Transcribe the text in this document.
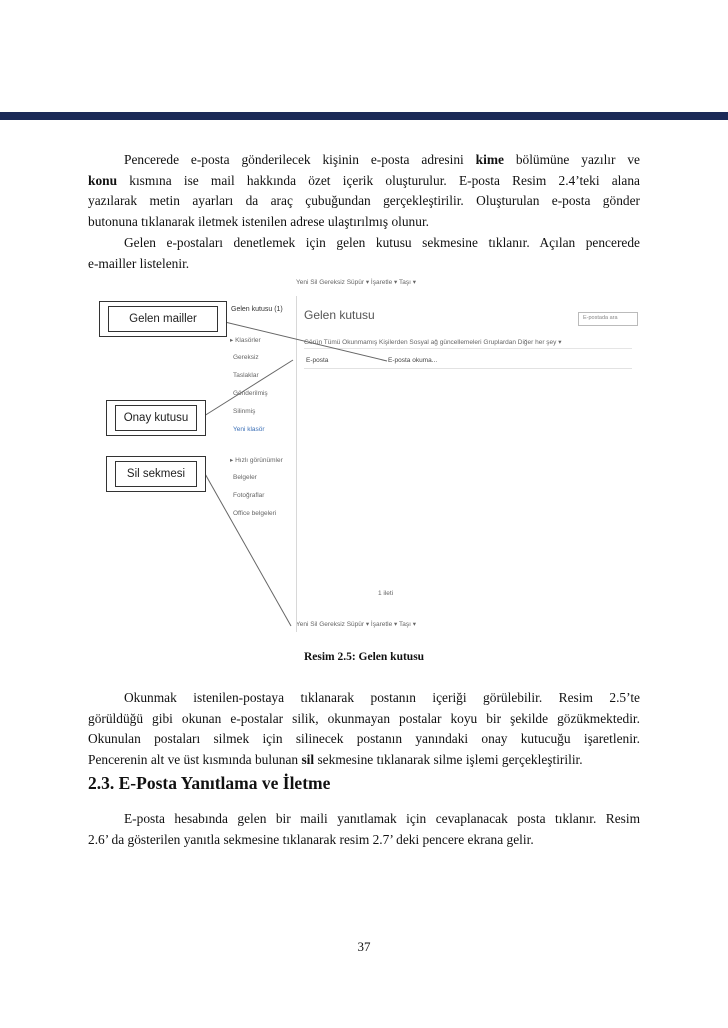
Pencerede e-posta gönderilecek kişinin e-posta adresini kime bölümüne yazılır ve
konu kısmına ise mail hakkında özet içerik oluşturulur. E-posta Resim 2.4’teki alana
yazılarak metin ayarları da araç çubuğundan gerçekleştirilir. Oluşturulan e-posta gönder
butonuna tıklanarak iletmek istenilen adrese ulaştırılmış olunur.

Gelen e-postaları denetlemek için gelen kutusu sekmesine tıklanır. Açılan pencerede
e-mailler listelenir.

Yeni Sil Gereksiz Süpür ▾ İşaretle ▾ Taşı ▾
Gelen kutusu	E-postada ara
Görün Tümü Okunmamış Kişilerden Sosyal ağ güncellemeleri Gruplardan Diğer her şey ▾
E-posta	E-posta okuma...
1 ileti
Yeni Sil Gereksiz Süpür ▾ İşaretle ▾ Taşı ▾
Gelen kutusu (1)
▸ Klasörler
Gereksiz
Taslaklar
Gönderilmiş
Silinmiş
Yeni klasör
▸ Hızlı görünümler
Belgeler
Fotoğraflar
Office belgeleri
Gelen mailler
Onay kutusu
Sil sekmesi
Resim 2.5: Gelen kutusu

Okunmak istenilen-postaya tıklanarak postanın içeriği görülebilir. Resim 2.5’te
görüldüğü gibi okunan e-postalar silik, okunmayan postalar koyu bir şekilde gözükmektedir.
Okunulan postaları silmek için silinecek postanın yanındaki onay kutucuğu işaretlenir.
Pencerenin alt ve üst kısmında bulunan sil sekmesine tıklanarak silme işlemi gerçekleştirilir.

2.3. E-Posta Yanıtlama ve İletme

E-posta hesabında gelen bir maili yanıtlamak için cevaplanacak posta tıklanır. Resim
2.6’ da gösterilen yanıtla sekmesine tıklanarak resim 2.7’ deki pencere ekrana gelir.

37
